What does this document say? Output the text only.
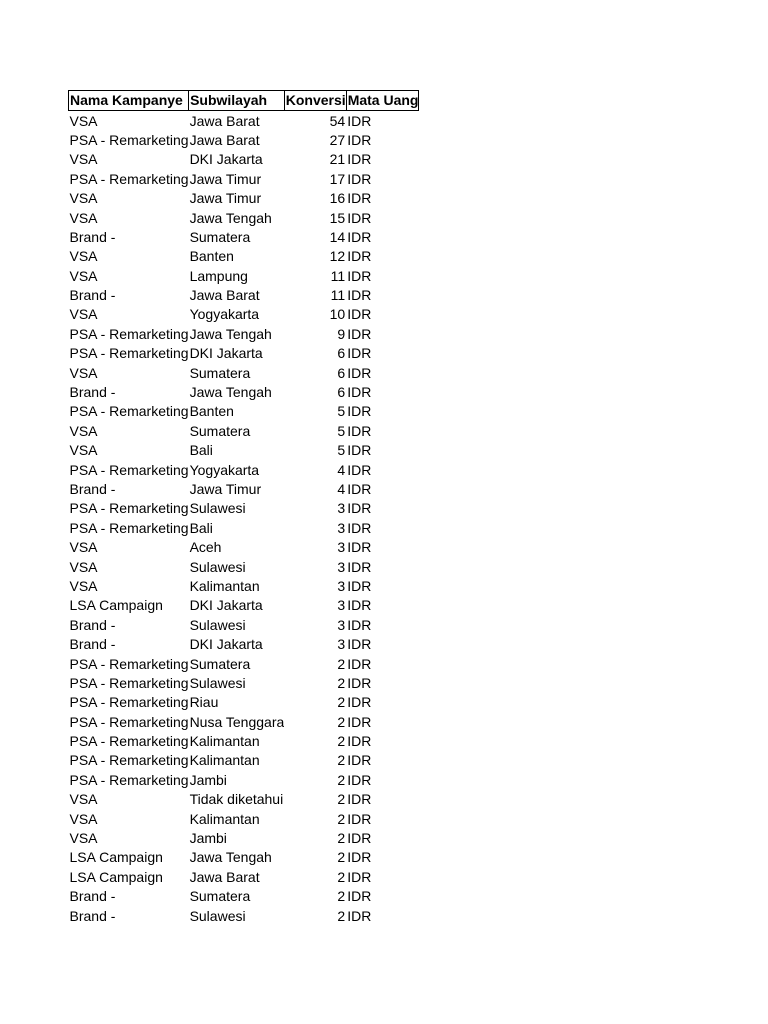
Nama Kampanye	Subwilayah	Konversi	Mata Uang
VSA	Jawa Barat	54	IDR
PSA - Remarketing	Jawa Barat	27	IDR
VSA	DKI Jakarta	21	IDR
PSA - Remarketing	Jawa Timur	17	IDR
VSA	Jawa Timur	16	IDR
VSA	Jawa Tengah	15	IDR
Brand -	Sumatera	14	IDR
VSA	Banten	12	IDR
VSA	Lampung	11	IDR
Brand -	Jawa Barat	11	IDR
VSA	Yogyakarta	10	IDR
PSA - Remarketing	Jawa Tengah	9	IDR
PSA - Remarketing	DKI Jakarta	6	IDR
VSA	Sumatera	6	IDR
Brand -	Jawa Tengah	6	IDR
PSA - Remarketing	Banten	5	IDR
VSA	Sumatera	5	IDR
VSA	Bali	5	IDR
PSA - Remarketing	Yogyakarta	4	IDR
Brand -	Jawa Timur	4	IDR
PSA - Remarketing	Sulawesi	3	IDR
PSA - Remarketing	Bali	3	IDR
VSA	Aceh	3	IDR
VSA	Sulawesi	3	IDR
VSA	Kalimantan	3	IDR
LSA Campaign	DKI Jakarta	3	IDR
Brand -	Sulawesi	3	IDR
Brand -	DKI Jakarta	3	IDR
PSA - Remarketing	Sumatera	2	IDR
PSA - Remarketing	Sulawesi	2	IDR
PSA - Remarketing	Riau	2	IDR
PSA - Remarketing	Nusa Tenggara	2	IDR
PSA - Remarketing	Kalimantan	2	IDR
PSA - Remarketing	Kalimantan	2	IDR
PSA - Remarketing	Jambi	2	IDR
VSA	Tidak diketahui	2	IDR
VSA	Kalimantan	2	IDR
VSA	Jambi	2	IDR
LSA Campaign	Jawa Tengah	2	IDR
LSA Campaign	Jawa Barat	2	IDR
Brand -	Sumatera	2	IDR
Brand -	Sulawesi	2	IDR
